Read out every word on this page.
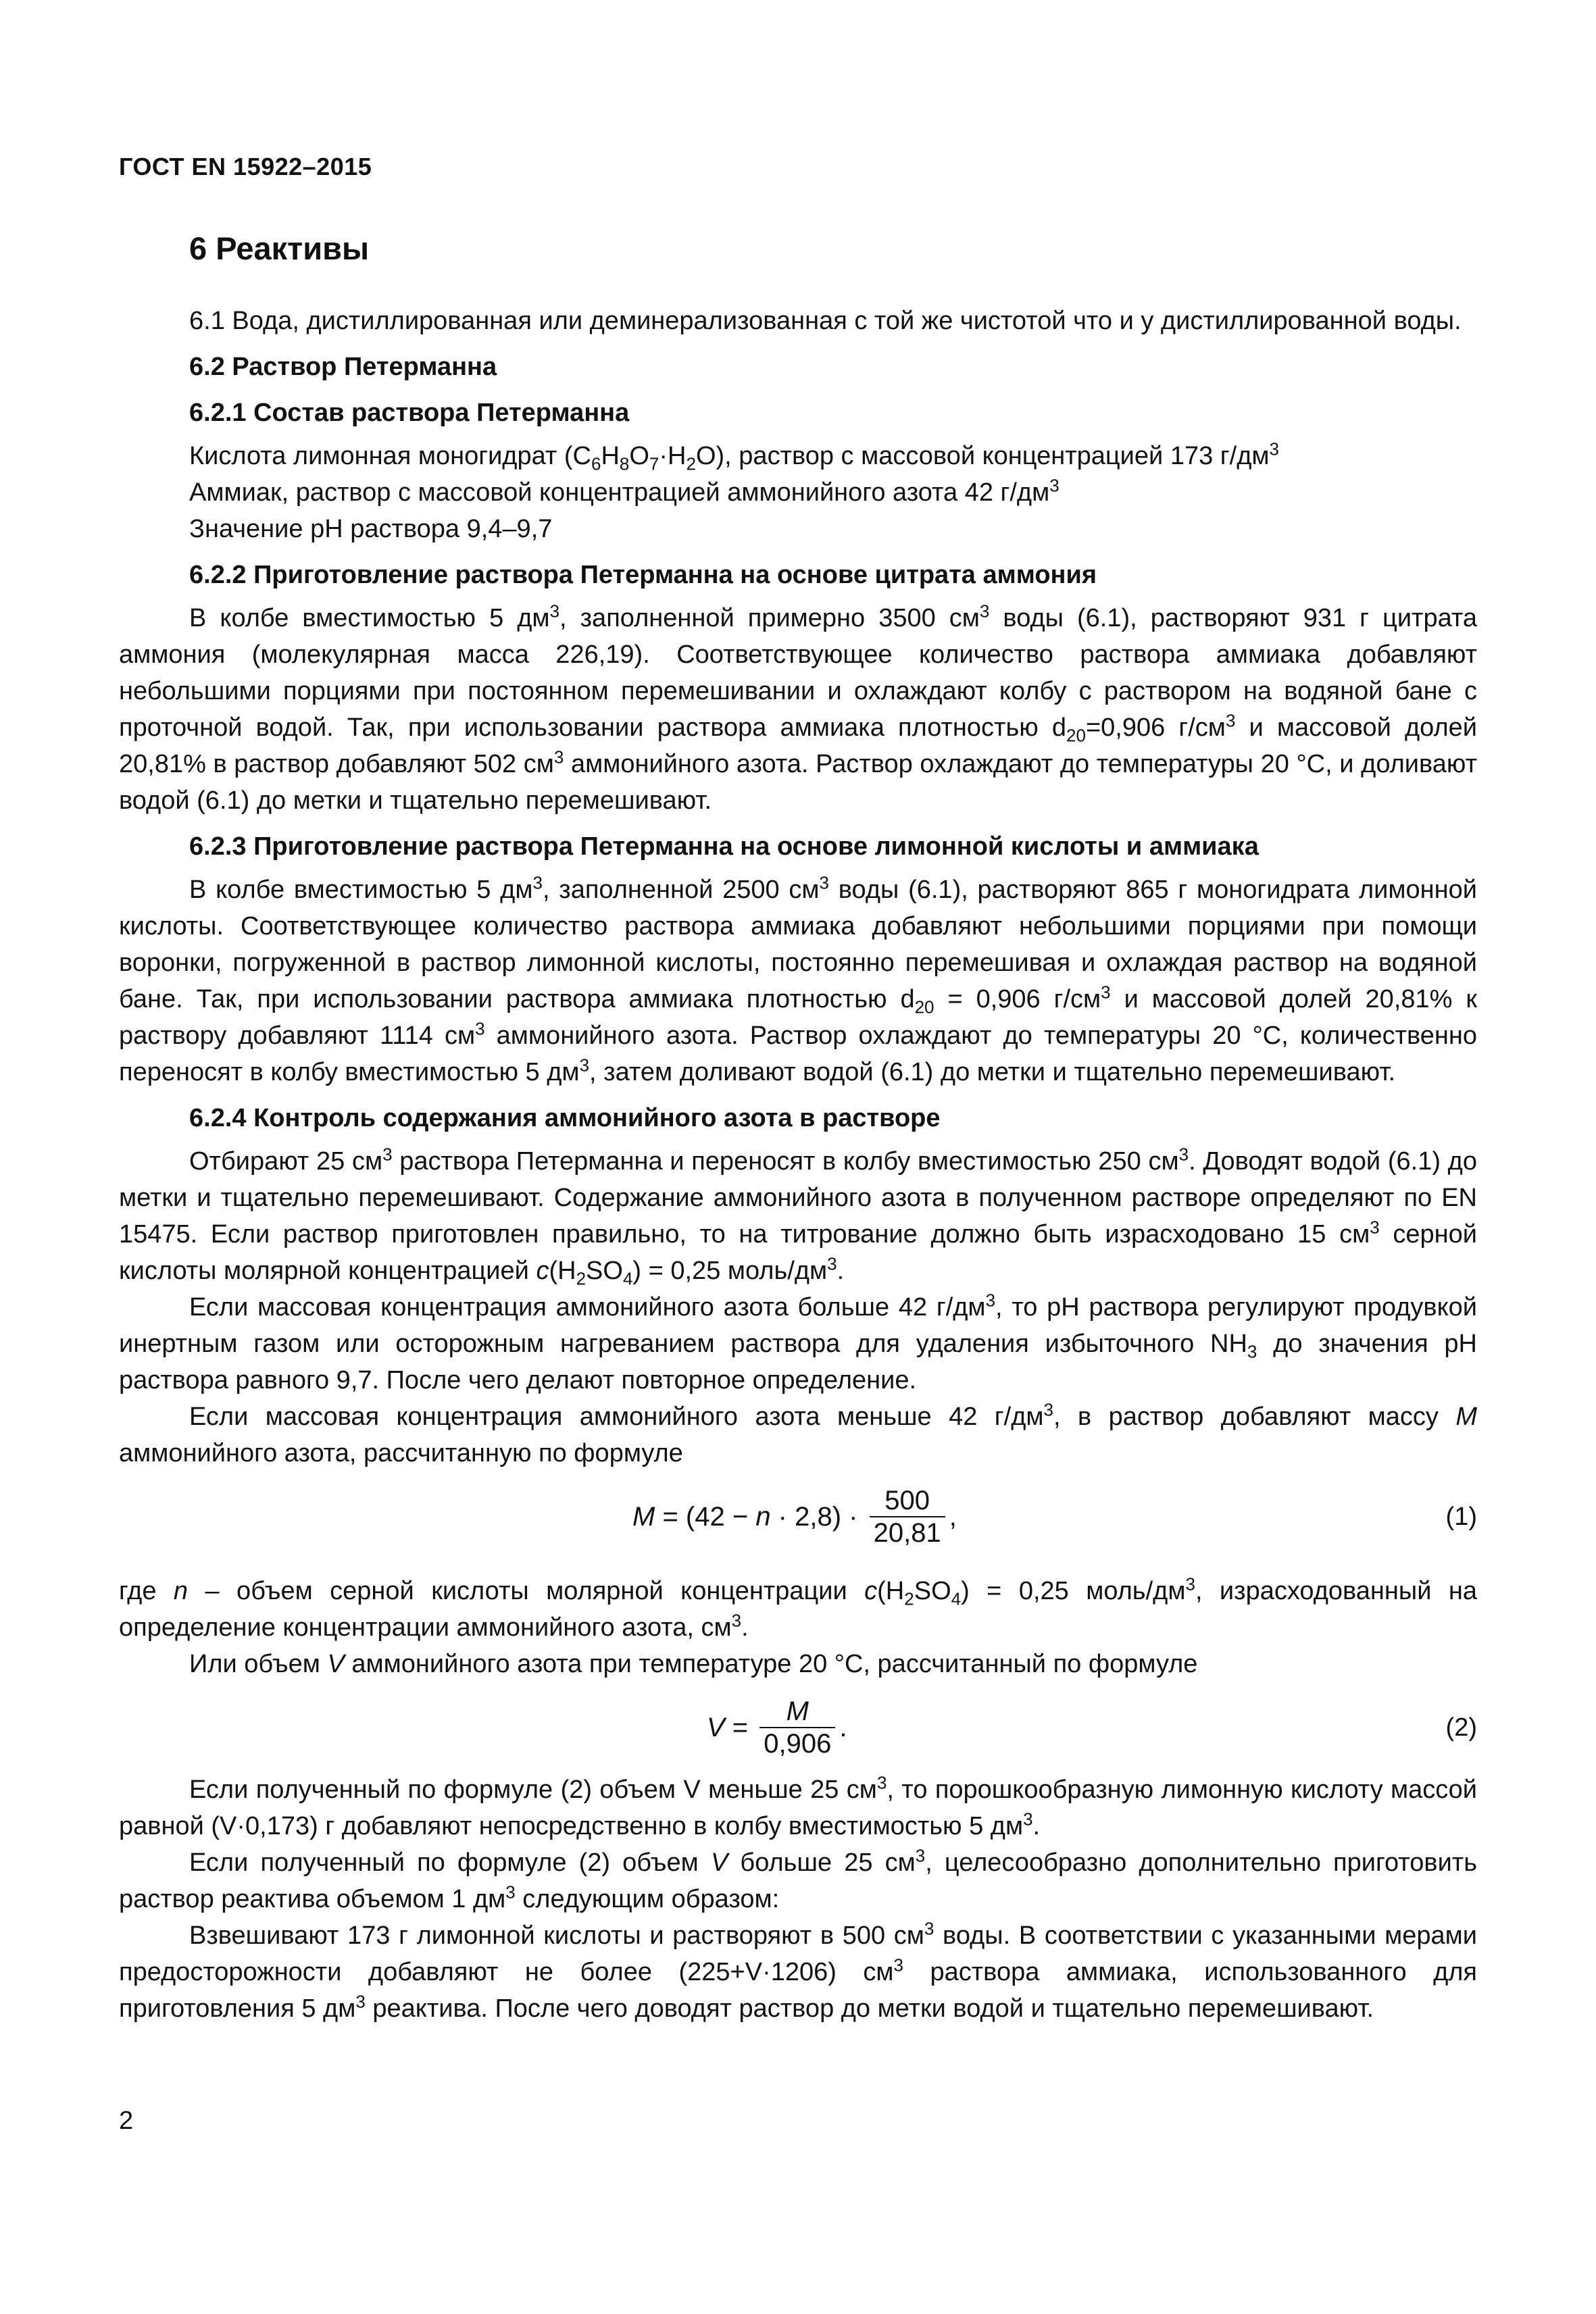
ГОСТ EN 15922–2015
6 Реактивы

6.1 Вода, дистиллированная или деминерализованная с той же чистотой что и у дистиллированной воды.

6.2 Раствор Петерманна
6.2.1 Состав раствора Петерманна
Кислота лимонная моногидрат $(C_6H_8O_7\cdot H_2O)$, раствор с массовой концентрацией 173 $г/дм^3$
Аммиак, раствор с массовой концентрацией аммонийного азота 42 $г/дм^3$
Значение pH раствора 9,4–9,7
6.2.2 Приготовление раствора Петерманна на основе цитрата аммония

В колбе вместимостью 5 $дм^3$, заполненной примерно 3500 $см^3$ воды (6.1), растворяют 931 г цитрата аммония (молекулярная масса 226,19). Соответствующее количество раствора аммиака добавляют небольшими порциями при постоянном перемешивании и охлаждают колбу с раствором на водяной бане с проточной водой. Так, при использовании раствора аммиака плотностью $d_{20}=0,906$ $г/см^3$ и массовой долей 20,81% в раствор добавляют 502 $см^3$ аммонийного азота. Раствор охлаждают до температуры 20 °С, и доливают водой (6.1) до метки и тщательно перемешивают.

6.2.3 Приготовление раствора Петерманна на основе лимонной кислоты и аммиака

В колбе вместимостью 5 $дм^3$, заполненной 2500 $см^3$ воды (6.1), растворяют 865 г моногидрата лимонной кислоты. Соответствующее количество раствора аммиака добавляют небольшими порциями при помощи воронки, погруженной в раствор лимонной кислоты, постоянно перемешивая и охлаждая раствор на водяной бане. Так, при использовании раствора аммиака плотностью $d_{20} = 0,906$ $г/см^3$ и массовой долей 20,81% к раствору добавляют 1114 $см^3$ аммонийного азота. Раствор охлаждают до температуры 20 °С, количественно переносят в колбу вместимостью 5 $дм^3$, затем доливают водой (6.1) до метки и тщательно перемешивают.

6.2.4 Контроль содержания аммонийного азота в растворе

Отбирают 25 $см^3$ раствора Петерманна и переносят в колбу вместимостью 250 $см^3$. Доводят водой (6.1) до метки и тщательно перемешивают. Содержание аммонийного азота в полученном растворе определяют по EN 15475. Если раствор приготовлен правильно, то на титрование должно быть израсходовано 15 $см^3$ серной кислоты молярной концентрацией $c(H_2SO_4) = 0,25$ моль/$дм^3$.

Если массовая концентрация аммонийного азота больше 42 $г/дм^3$, то pH раствора регулируют продувкой инертным газом или осторожным нагреванием раствора для удаления избыточного $NH_3$ до значения pH раствора равного 9,7. После чего делают повторное определение.

Если массовая концентрация аммонийного азота меньше 42 $г/дм^3$, в раствор добавляют массу M аммонийного азота, рассчитанную по формуле

$M = (42 - n \cdot 2,8) \cdot \frac{500}{20,81}$ ,	(1)

где n – объем серной кислоты молярной концентрации $c(H_2SO_4) = 0,25$ моль/$дм^3$, израсходованный на определение концентрации аммонийного азота, $см^3$.

Или объем V аммонийного азота при температуре 20 °С, рассчитанный по формуле

$V = \frac{M}{0,906}$ .	(2)

Если полученный по формуле (2) объем V меньше 25 $см^3$, то порошкообразную лимонную кислоту массой равной (V·0,173) г добавляют непосредственно в колбу вместимостью 5 $дм^3$.

Если полученный по формуле (2) объем V больше 25 $см^3$, целесообразно дополнительно приготовить раствор реактива объемом 1 $дм^3$ следующим образом:

Взвешивают 173 г лимонной кислоты и растворяют в 500 $см^3$ воды. В соответствии с указанными мерами предосторожности добавляют не более (225+V·1206) $см^3$ раствора аммиака, использованного для приготовления 5 $дм^3$ реактива. После чего доводят раствор до метки водой и тщательно перемешивают.

2
